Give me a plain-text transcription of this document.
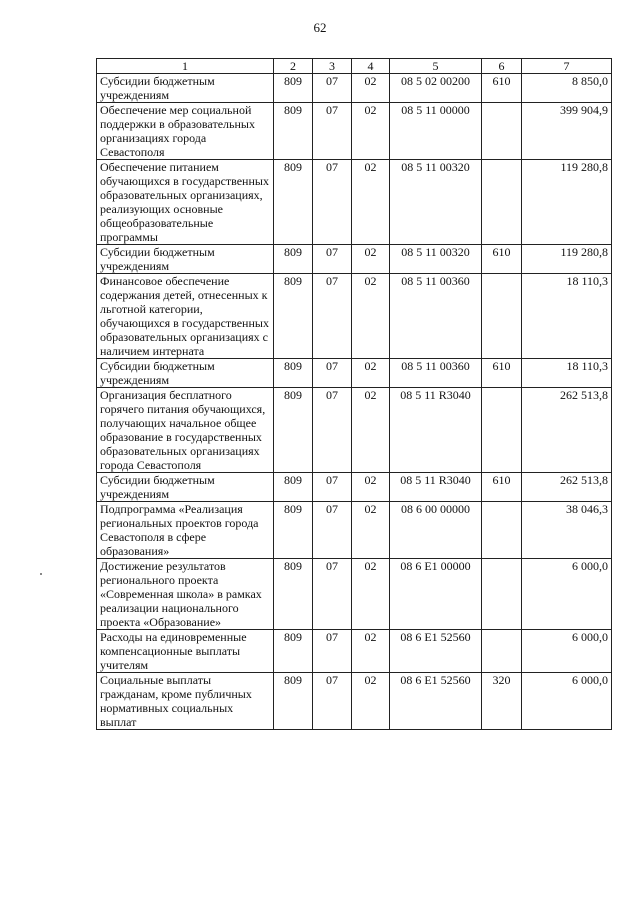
62
1	2	3	4	5	6	7
Субсидии бюджетным учреждениям	809	07	02	08 5 02 00200	610	8 850,0
Обеспечение мер социальной поддержки в образовательных организациях города Севастополя	809	07	02	08 5 11 00000		399 904,9
Обеспечение питанием обучающихся в государственных образовательных организациях, реализующих основные общеобразовательные программы	809	07	02	08 5 11 00320		119 280,8
Субсидии бюджетным учреждениям	809	07	02	08 5 11 00320	610	119 280,8
Финансовое обеспечение содержания детей, отнесенных к льготной категории, обучающихся в государственных образовательных организациях с наличием интерната	809	07	02	08 5 11 00360		18 110,3
Субсидии бюджетным учреждениям	809	07	02	08 5 11 00360	610	18 110,3
Организация бесплатного горячего питания обучающихся, получающих начальное общее образование в государственных образовательных организациях города Севастополя	809	07	02	08 5 11 R3040		262 513,8
Субсидии бюджетным учреждениям	809	07	02	08 5 11 R3040	610	262 513,8
Подпрограмма «Реализация региональных проектов города Севастополя в сфере образования»	809	07	02	08 6 00 00000		38 046,3
Достижение результатов регионального проекта «Современная школа» в рамках реализации национального проекта «Образование»	809	07	02	08 6 E1 00000		6 000,0
Расходы на единовременные компенсационные выплаты учителям	809	07	02	08 6 E1 52560		6 000,0
Социальные выплаты гражданам, кроме публичных нормативных социальных выплат	809	07	02	08 6 E1 52560	320	6 000,0
